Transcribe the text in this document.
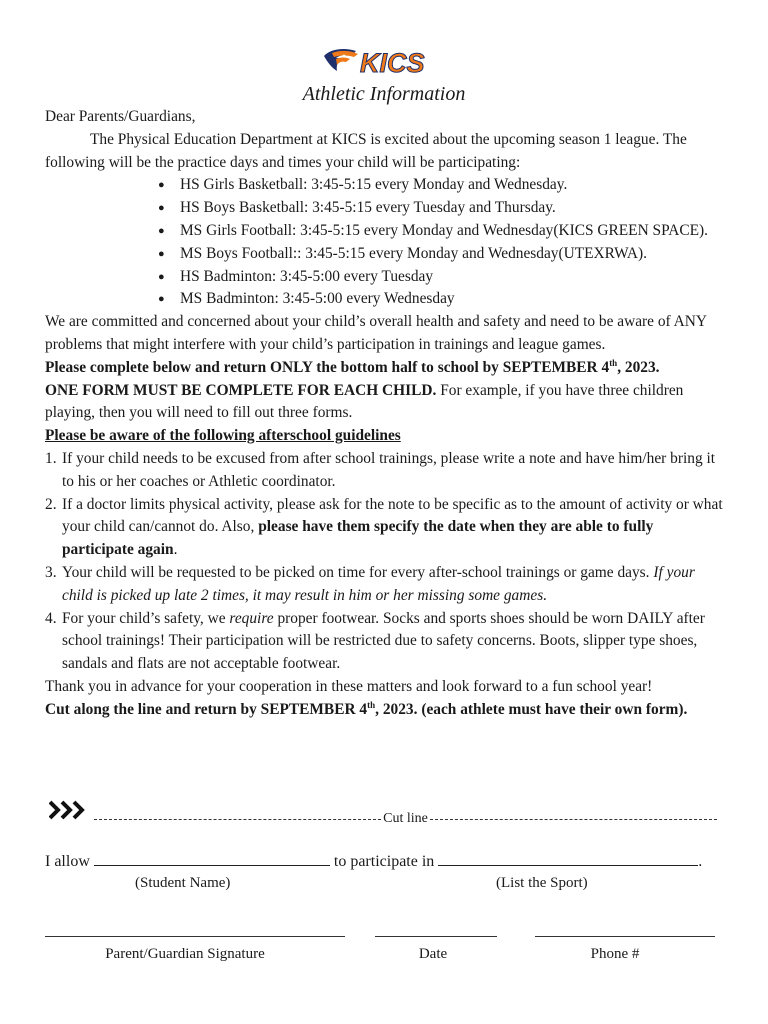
KICS
Athletic Information

Dear Parents/Guardians,

The Physical Education Department at KICS is excited about the upcoming season 1 league. The following will be the practice days and times your child will be participating:

● HS Girls Basketball: 3:45-5:15 every Monday and Wednesday.
● HS Boys Basketball: 3:45-5:15 every Tuesday and Thursday.
● MS Girls Football: 3:45-5:15 every Monday and Wednesday(KICS GREEN SPACE).
● MS Boys Football:: 3:45-5:15 every Monday and Wednesday(UTEXRWA).
● HS Badminton: 3:45-5:00 every Tuesday
● MS Badminton: 3:45-5:00 every Wednesday

We are committed and concerned about your child’s overall health and safety and need to be aware of ANY problems that might interfere with your child’s participation in trainings and league games.

Please complete below and return ONLY the bottom half to school by SEPTEMBER 4th, 2023.

ONE FORM MUST BE COMPLETE FOR EACH CHILD. For example, if you have three children playing, then you will need to fill out three forms.

Please be aware of the following afterschool guidelines

1. If your child needs to be excused from after school trainings, please write a note and have him/her bring it to his or her coaches or Athletic coordinator.
2. If a doctor limits physical activity, please ask for the note to be specific as to the amount of activity or what your child can/cannot do. Also, please have them specify the date when they are able to fully participate again.
3. Your child will be requested to be picked on time for every after-school trainings or game days. If your child is picked up late 2 times, it may result in him or her missing some games.
4. For your child’s safety, we require proper footwear. Socks and sports shoes should be worn DAILY after school trainings! Their participation will be restricted due to safety concerns. Boots, slipper type shoes, sandals and flats are not acceptable footwear.

Thank you in advance for your cooperation in these matters and look forward to a fun school year!

Cut along the line and return by SEPTEMBER 4th, 2023. (each athlete must have their own form).

Cut line
I allow	to participate in	.
(Student Name)	(List the Sport)
Parent/Guardian Signature	Date	Phone #
